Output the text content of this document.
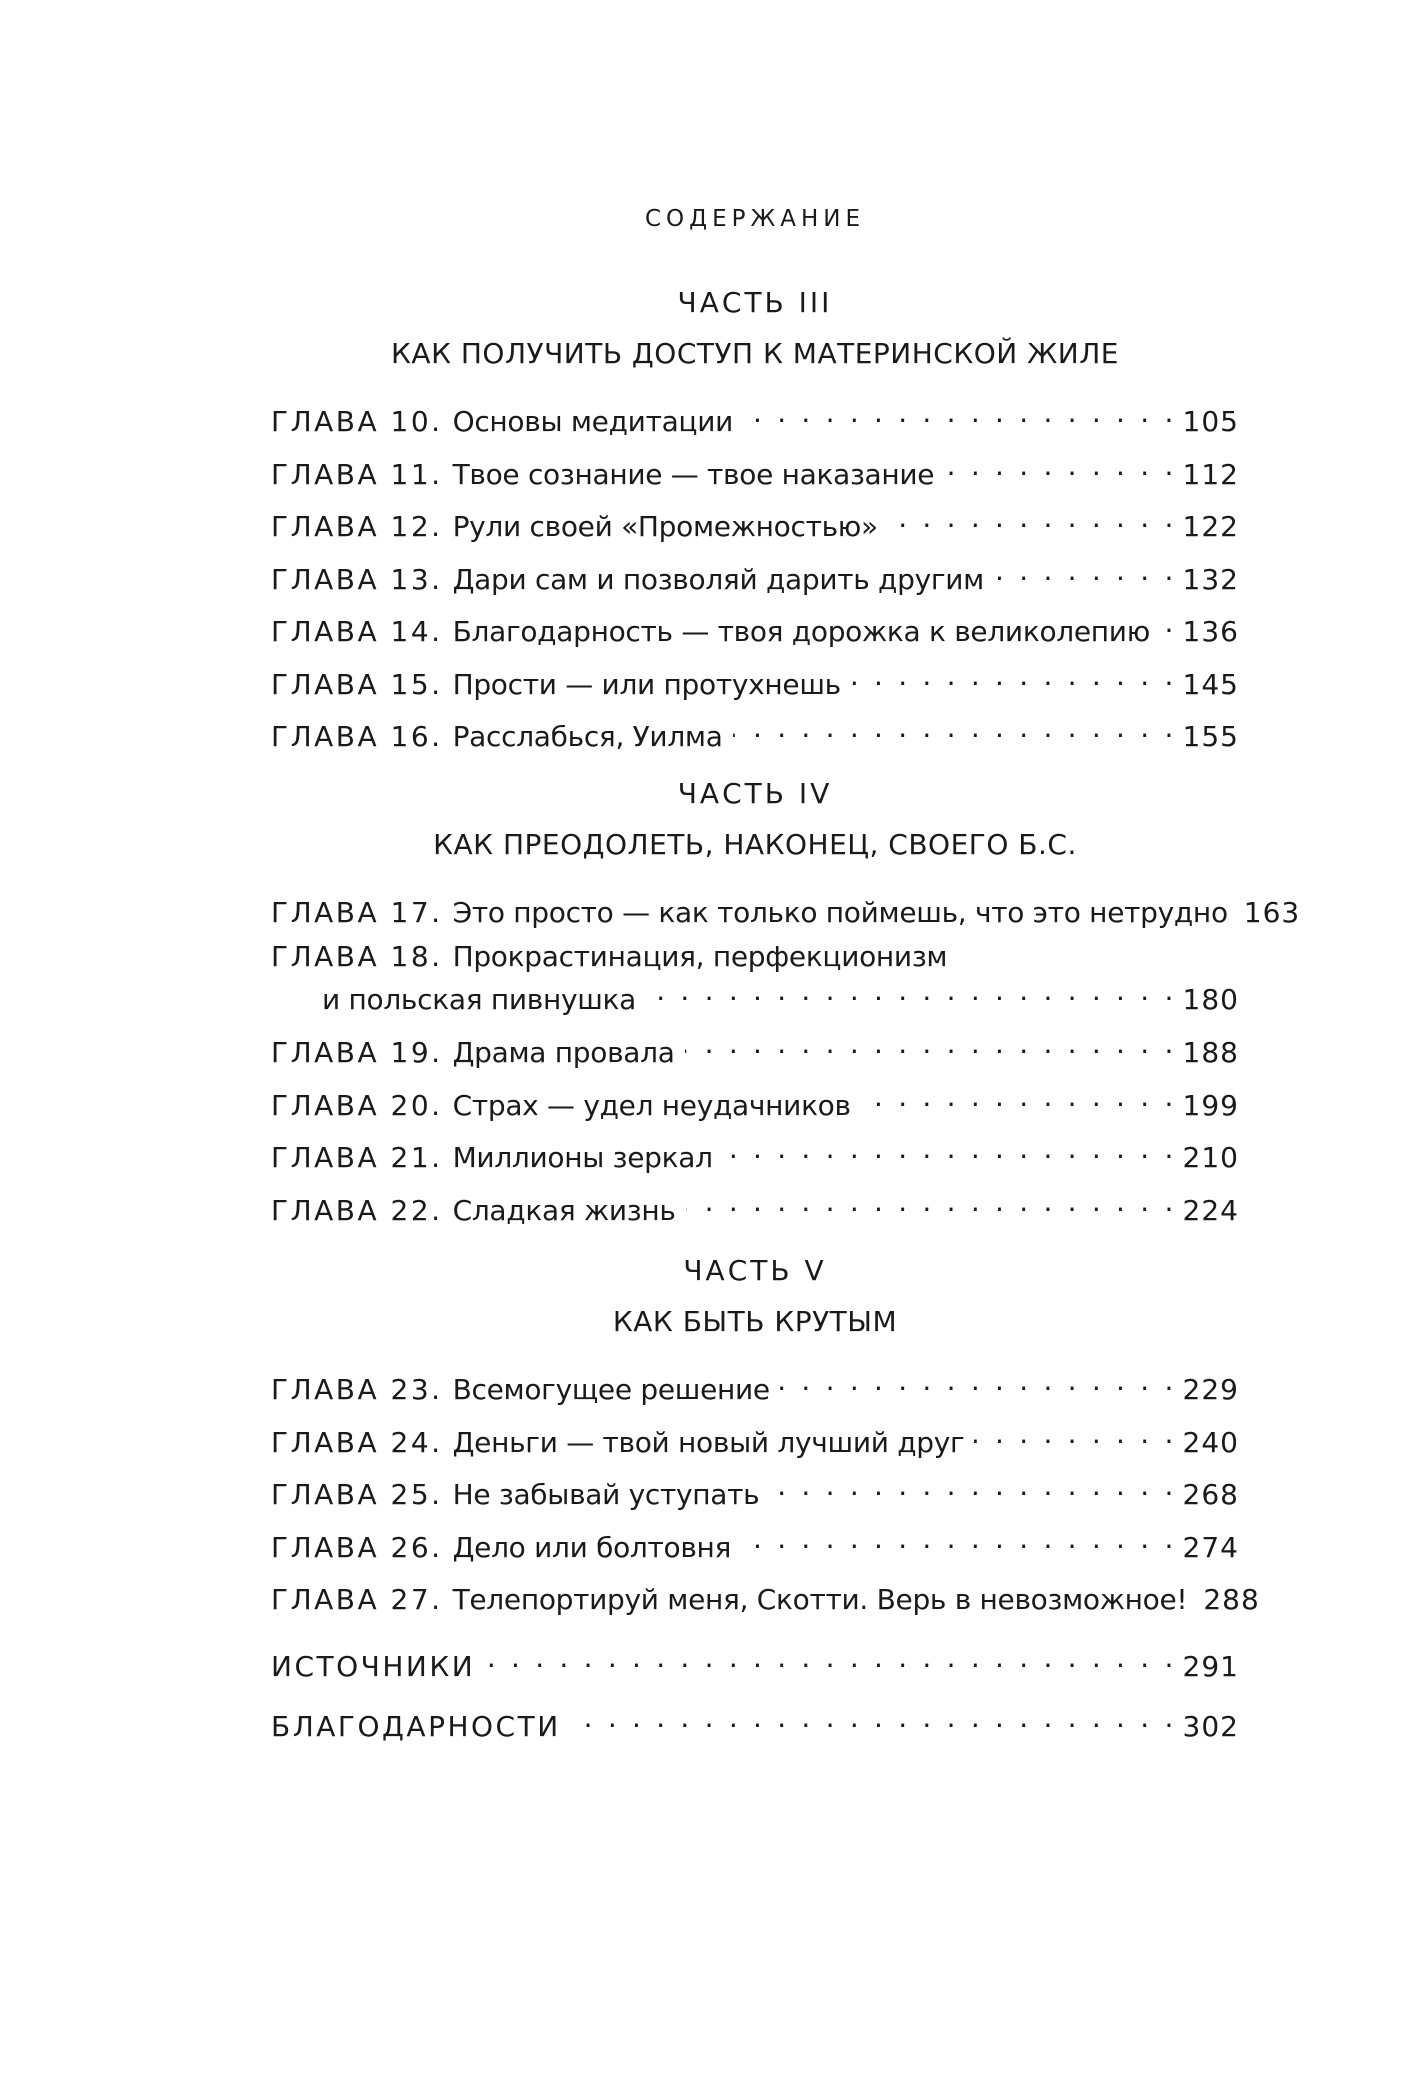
СОДЕРЖАНИЕ
ЧАСТЬ III
КАК ПОЛУЧИТЬ ДОСТУП К МАТЕРИНСКОЙ ЖИЛЕ
ГЛАВА 10. Основы медитации . . .	105
ГЛАВА 11. Твое сознание — твое наказание . . .	112
ГЛАВА 12. Рули своей «Промежностью» . . .	122
ГЛАВА 13. Дари сам и позволяй дарить другим . . .	132
ГЛАВА 14. Благодарность — твоя дорожка к великолепию . . . 136
ГЛАВА 15. Прости — или протухнешь . . .	145
ГЛАВА 16. Расслабься, Уилма . . .	155
ЧАСТЬ IV
КАК ПРЕОДОЛЕТЬ, НАКОНЕЦ, СВОЕГО Б.С.
ГЛАВА 17. Это просто — как только поймешь, что это нетрудно 163
ГЛАВА 18. Прокрастинация, перфекционизм
и польская пивнушка . . .	180
ГЛАВА 19. Драма провала . . .	188
ГЛАВА 20. Страх — удел неудачников . . .	199
ГЛАВА 21. Миллионы зеркал . . .	210
ГЛАВА 22. Сладкая жизнь . . .	224
ЧАСТЬ V
КАК БЫТЬ КРУТЫМ
ГЛАВА 23. Всемогущее решение . . .	229
ГЛАВА 24. Деньги — твой новый лучший друг . . .	240
ГЛАВА 25. Не забывай уступать . . .	268
ГЛАВА 26. Дело или болтовня . . .	274
ГЛАВА 27. Телепортируй меня, Скотти. Верь в невозможное! 288
ИСТОЧНИКИ . . .	291
БЛАГОДАРНОСТИ . . .	302
